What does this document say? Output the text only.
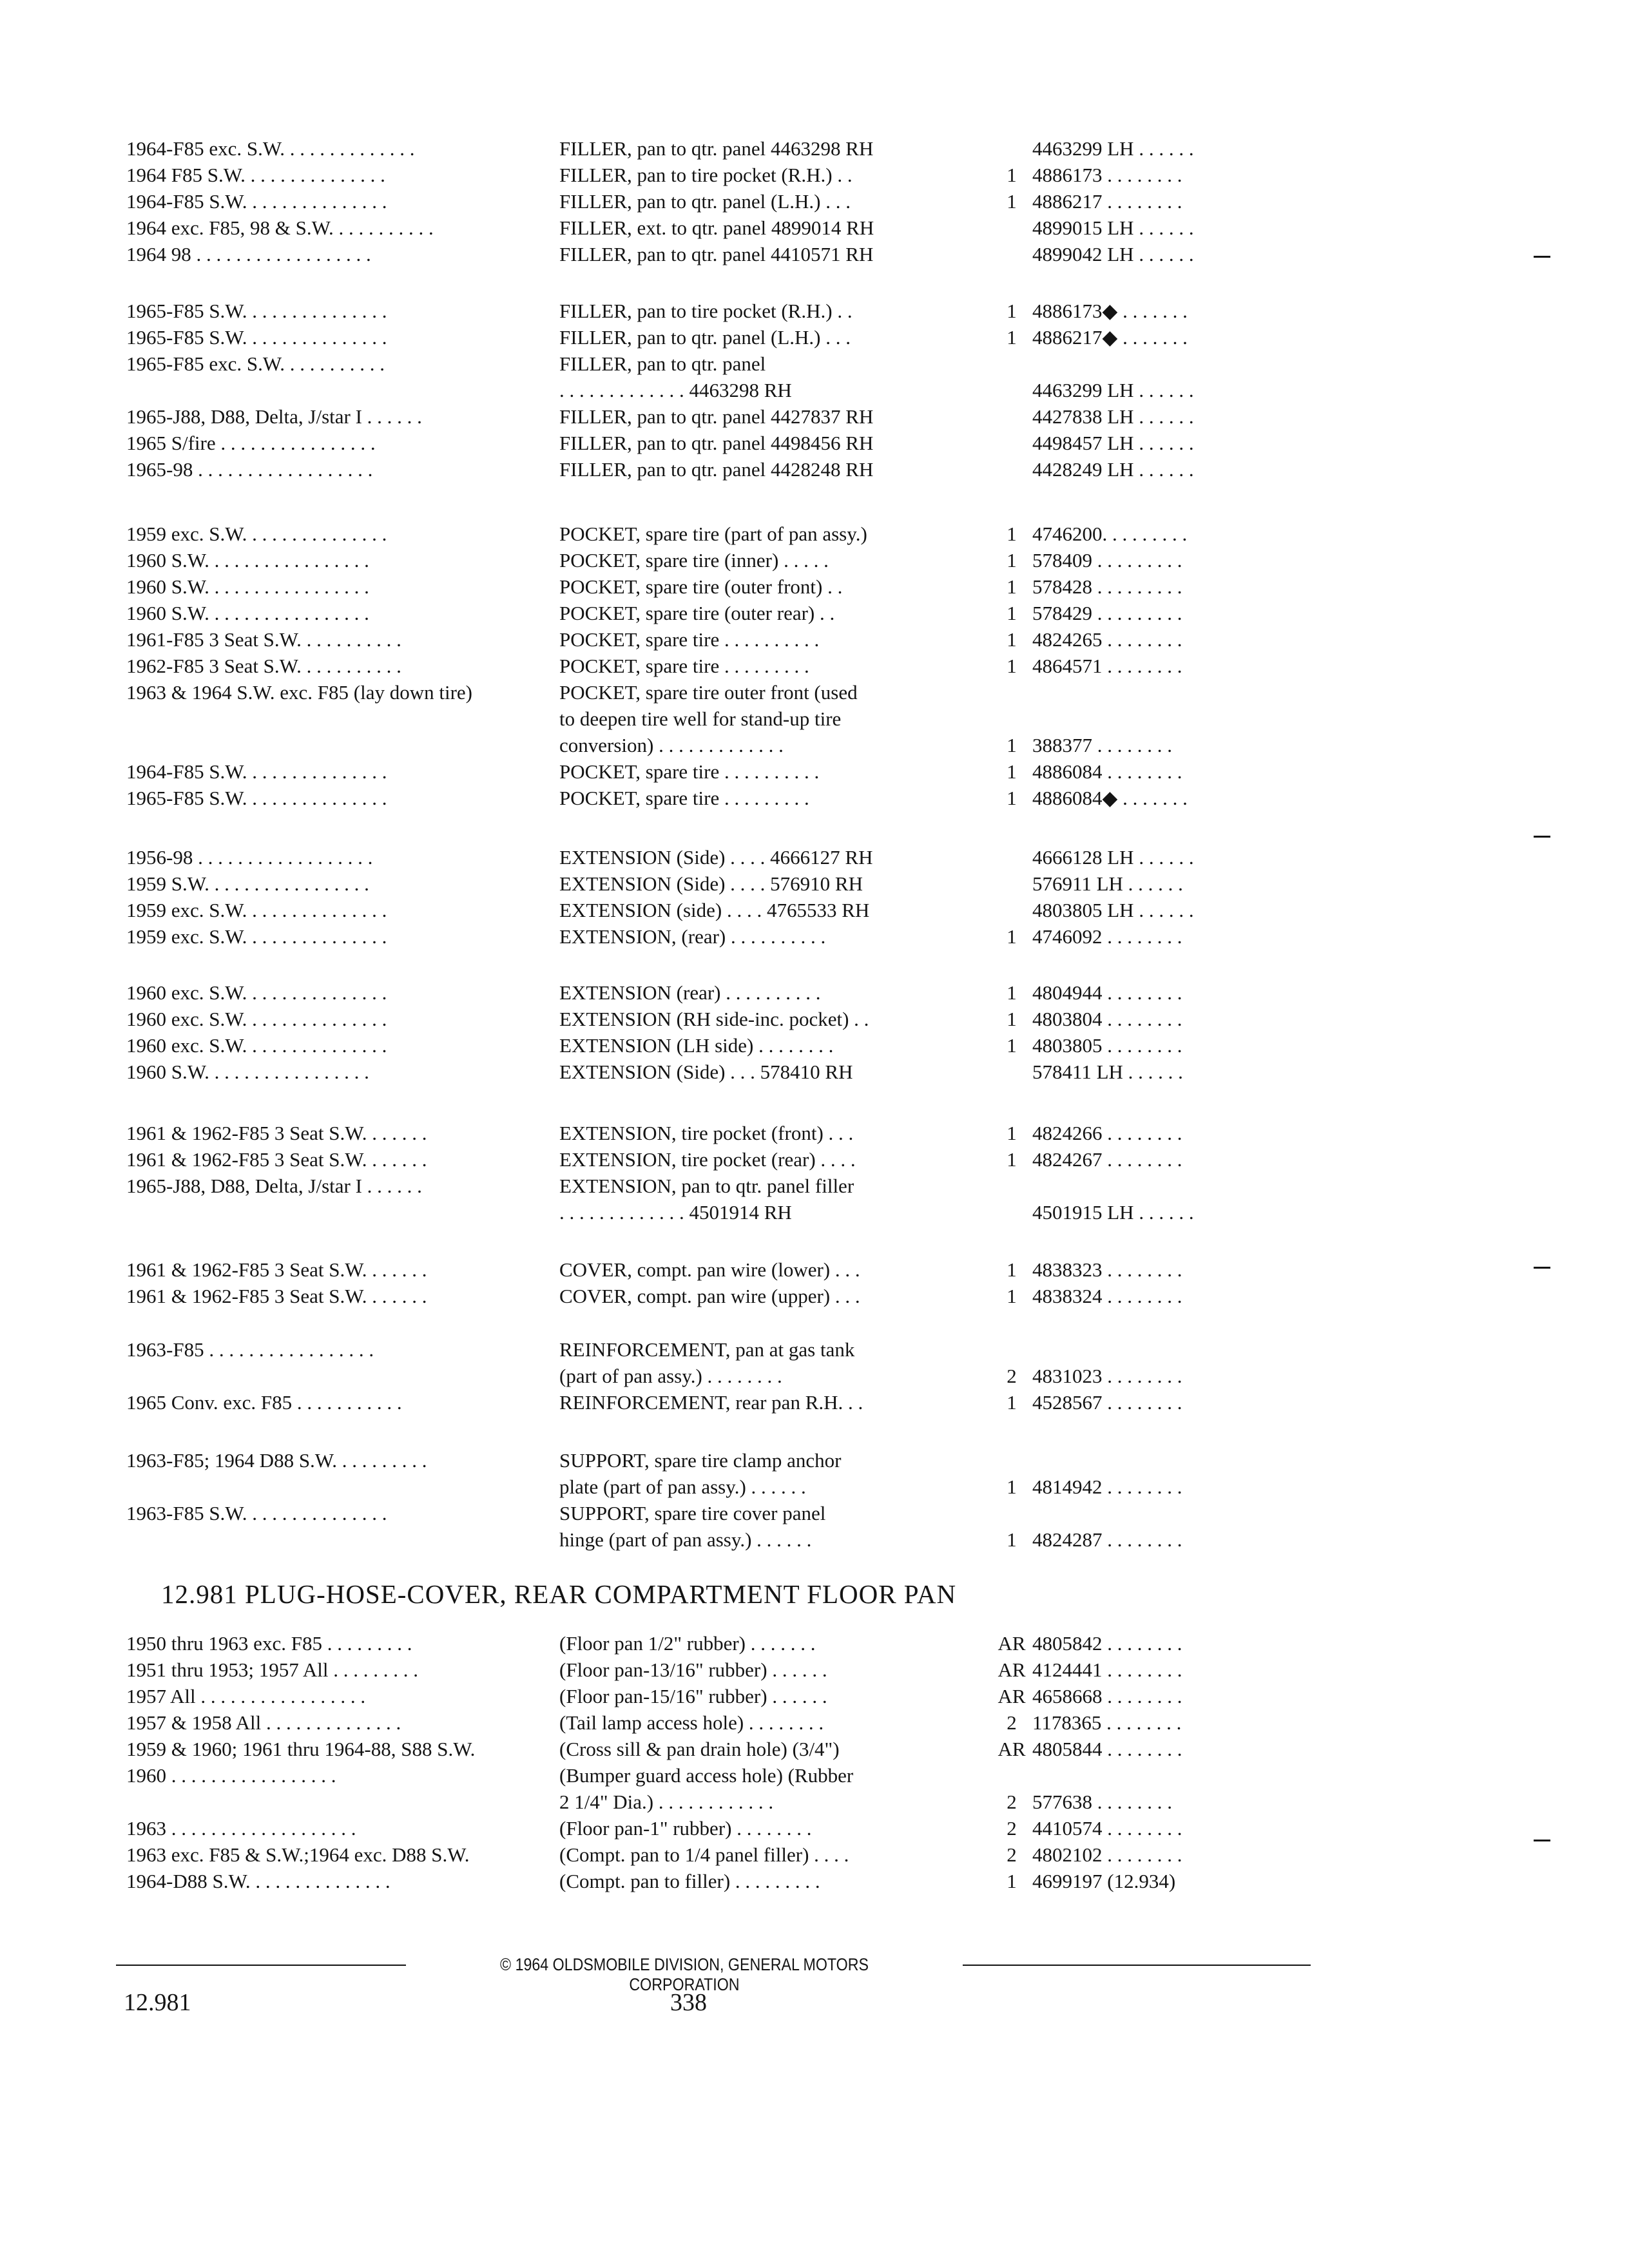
1964-F85 exc. S.W. . . . . . . . . . . . . .	FILLER, pan to qtr. panel 4463298 RH	4463299 LH . . . . . .
1964 F85 S.W. . . . . . . . . . . . . . .	FILLER, pan to tire pocket (R.H.) . .	1 4886173 . . . . . . . .
1964-F85 S.W. . . . . . . . . . . . . . .	FILLER, pan to qtr. panel (L.H.) . . .	1 4886217 . . . . . . . .
1964 exc. F85, 98 & S.W. . . . . . . . . . .	FILLER, ext. to qtr. panel 4899014 RH	4899015 LH . . . . . .
1964 98 . . . . . . . . . . . . . . . . . .	FILLER, pan to qtr. panel 4410571 RH	4899042 LH . . . . . .
1965-F85 S.W. . . . . . . . . . . . . . .	FILLER, pan to tire pocket (R.H.) . .	1 4886173◆ . . . . . . .
1965-F85 S.W. . . . . . . . . . . . . . .	FILLER, pan to qtr. panel (L.H.) . . .	1 4886217◆ . . . . . . .
1965-F85 exc. S.W. . . . . . . . . . .	FILLER, pan to qtr. panel
. . . . . . . . . . . . . 4463298 RH	4463299 LH . . . . . .
1965-J88, D88, Delta, J/star I . . . . . .	FILLER, pan to qtr. panel 4427837 RH	4427838 LH . . . . . .
1965 S/fire . . . . . . . . . . . . . . . .	FILLER, pan to qtr. panel 4498456 RH	4498457 LH . . . . . .
1965-98 . . . . . . . . . . . . . . . . . .	FILLER, pan to qtr. panel 4428248 RH	4428249 LH . . . . . .
1959 exc. S.W. . . . . . . . . . . . . . .	POCKET, spare tire (part of pan assy.)	1 4746200. . . . . . . . .
1960 S.W. . . . . . . . . . . . . . . . .	POCKET, spare tire (inner) . . . . .	1 578409 . . . . . . . . .
1960 S.W. . . . . . . . . . . . . . . . .	POCKET, spare tire (outer front) . .	1 578428 . . . . . . . . .
1960 S.W. . . . . . . . . . . . . . . . .	POCKET, spare tire (outer rear) . .	1 578429 . . . . . . . . .
1961-F85 3 Seat S.W. . . . . . . . . . .	POCKET, spare tire . . . . . . . . . .	1 4824265 . . . . . . . .
1962-F85 3 Seat S.W. . . . . . . . . . .	POCKET, spare tire . . . . . . . . .	1 4864571 . . . . . . . .
1963 & 1964 S.W. exc. F85 (lay down tire)	POCKET, spare tire outer front (used
to deepen tire well for stand-up tire
conversion) . . . . . . . . . . . . .	1 388377 . . . . . . . .
1964-F85 S.W. . . . . . . . . . . . . . .	POCKET, spare tire . . . . . . . . . .	1 4886084 . . . . . . . .
1965-F85 S.W. . . . . . . . . . . . . . .	POCKET, spare tire . . . . . . . . .	1 4886084◆ . . . . . . .
1956-98 . . . . . . . . . . . . . . . . . .	EXTENSION (Side) . . . . 4666127 RH	4666128 LH . . . . . .
1959 S.W. . . . . . . . . . . . . . . . .	EXTENSION (Side) . . . . 576910 RH	576911 LH . . . . . .
1959 exc. S.W. . . . . . . . . . . . . . .	EXTENSION (side) . . . . 4765533 RH	4803805 LH . . . . . .
1959 exc. S.W. . . . . . . . . . . . . . .	EXTENSION, (rear) . . . . . . . . . .	1 4746092 . . . . . . . .
1960 exc. S.W. . . . . . . . . . . . . . .	EXTENSION (rear) . . . . . . . . . .	1 4804944 . . . . . . . .
1960 exc. S.W. . . . . . . . . . . . . . .	EXTENSION (RH side-inc. pocket) . .	1 4803804 . . . . . . . .
1960 exc. S.W. . . . . . . . . . . . . . .	EXTENSION (LH side) . . . . . . . .	1 4803805 . . . . . . . .
1960 S.W. . . . . . . . . . . . . . . . .	EXTENSION (Side) . . . 578410 RH	578411 LH . . . . . .
1961 & 1962-F85 3 Seat S.W. . . . . . .	EXTENSION, tire pocket (front) . . .	1 4824266 . . . . . . . .
1961 & 1962-F85 3 Seat S.W. . . . . . .	EXTENSION, tire pocket (rear) . . . .	1 4824267 . . . . . . . .
1965-J88, D88, Delta, J/star I . . . . . .	EXTENSION, pan to qtr. panel filler
. . . . . . . . . . . . . 4501914 RH	4501915 LH . . . . . .
1961 & 1962-F85 3 Seat S.W. . . . . . .	COVER, compt. pan wire (lower) . . .	1 4838323 . . . . . . . .
1961 & 1962-F85 3 Seat S.W. . . . . . .	COVER, compt. pan wire (upper) . . .	1 4838324 . . . . . . . .
1963-F85 . . . . . . . . . . . . . . . . .	REINFORCEMENT, pan at gas tank
(part of pan assy.) . . . . . . . .	2 4831023 . . . . . . . .
1965 Conv. exc. F85 . . . . . . . . . . .	REINFORCEMENT, rear pan R.H. . .	1 4528567 . . . . . . . .
1963-F85; 1964 D88 S.W. . . . . . . . . .	SUPPORT, spare tire clamp anchor
plate (part of pan assy.) . . . . . .	1 4814942 . . . . . . . .
1963-F85 S.W. . . . . . . . . . . . . . .	SUPPORT, spare tire cover panel
hinge (part of pan assy.) . . . . . .	1 4824287 . . . . . . . .
12.981 PLUG-HOSE-COVER, REAR COMPARTMENT FLOOR PAN
1950 thru 1963 exc. F85 . . . . . . . . .	(Floor pan 1/2" rubber) . . . . . . .	AR 4805842 . . . . . . . .
1951 thru 1953; 1957 All . . . . . . . . .	(Floor pan-13/16" rubber) . . . . . .	AR 4124441 . . . . . . . .
1957 All . . . . . . . . . . . . . . . . .	(Floor pan-15/16" rubber) . . . . . .	AR 4658668 . . . . . . . .
1957 & 1958 All . . . . . . . . . . . . . .	(Tail lamp access hole) . . . . . . . .	2 1178365 . . . . . . . .
1959 & 1960; 1961 thru 1964-88, S88 S.W.	(Cross sill & pan drain hole) (3/4")	AR 4805844 . . . . . . . .
1960 . . . . . . . . . . . . . . . . .	(Bumper guard access hole) (Rubber
2 1/4" Dia.) . . . . . . . . . . . .	2 577638 . . . . . . . .
1963 . . . . . . . . . . . . . . . . . . .	(Floor pan-1" rubber) . . . . . . . .	2 4410574 . . . . . . . .
1963 exc. F85 & S.W.;1964 exc. D88 S.W.	(Compt. pan to 1/4 panel filler) . . . .	2 4802102 . . . . . . . .
1964-D88 S.W. . . . . . . . . . . . . . .	(Compt. pan to filler) . . . . . . . . .	1 4699197 (12.934)
© 1964 OLDSMOBILE DIVISION, GENERAL MOTORS CORPORATION
12.981	338
